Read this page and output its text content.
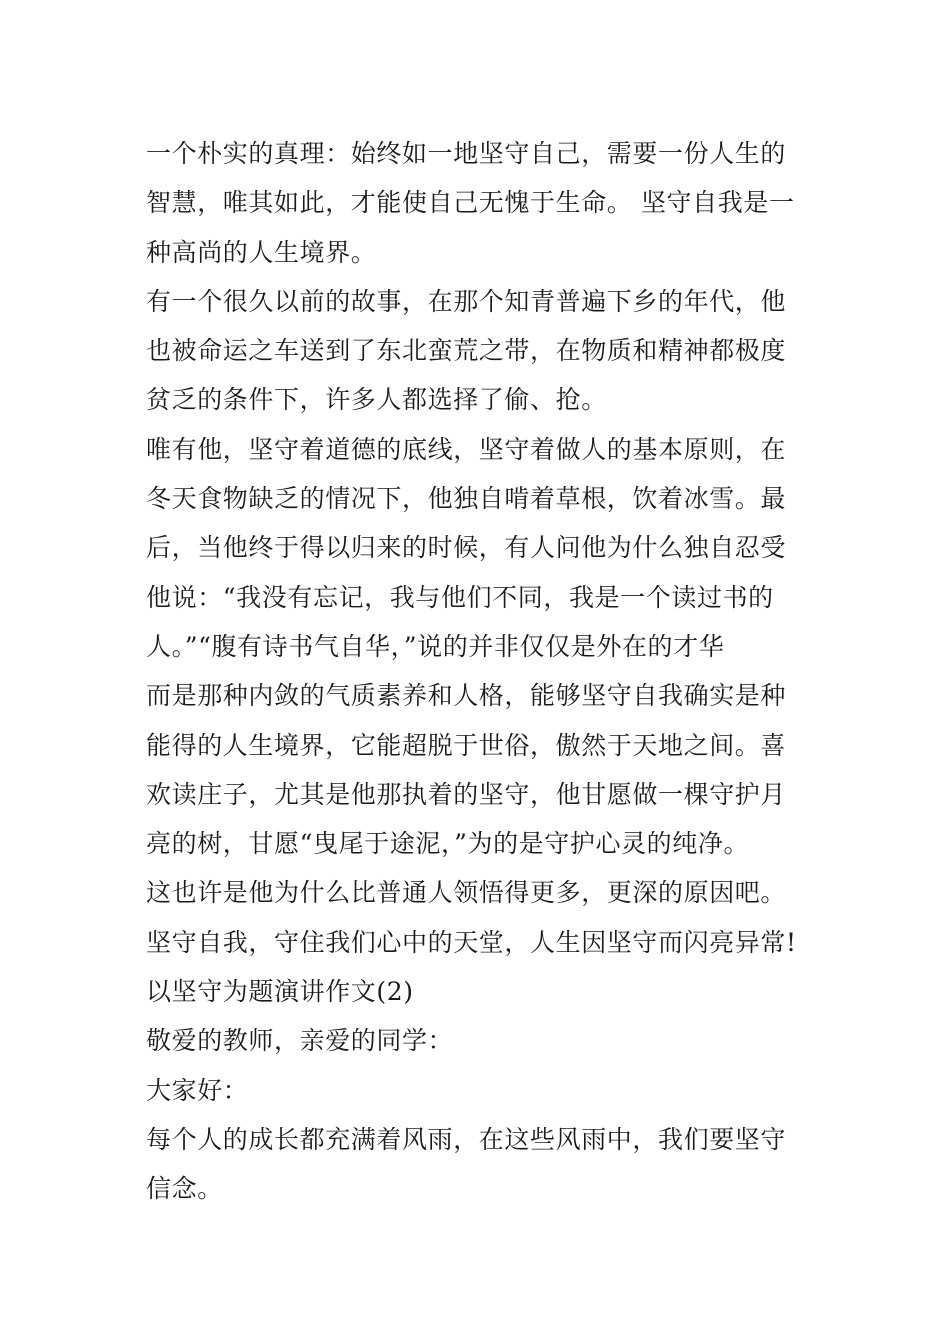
一个朴实的真理：始终如一地坚守自己，需要一份人生的
智慧，唯其如此，才能使自己无愧于生命。 坚守自我是一
种高尚的人生境界。
有一个很久以前的故事，在那个知青普遍下乡的年代，他
也被命运之车送到了东北蛮荒之带，在物质和精神都极度
贫乏的条件下，许多人都选择了偷、抢。
唯有他，坚守着道德的底线，坚守着做人的基本原则，在
冬天食物缺乏的情况下，他独自啃着草根，饮着冰雪。最
后，当他终于得以归来的时候，有人问他为什么独自忍受
他说：“我没有忘记，我与他们不同，我是一个读过书的
人。”“腹有诗书气自华，”说的并非仅仅是外在的才华
而是那种内敛的气质素养和人格，能够坚守自我确实是种
能得的人生境界，它能超脱于世俗，傲然于天地之间。喜
欢读庄子，尤其是他那执着的坚守，他甘愿做一棵守护月
亮的树，甘愿“曳尾于途泥，”为的是守护心灵的纯净。
这也许是他为什么比普通人领悟得更多，更深的原因吧。
坚守自我，守住我们心中的天堂，人生因坚守而闪亮异常!
以坚守为题演讲作文(2)
敬爱的教师，亲爱的同学：
大家好：
每个人的成长都充满着风雨，在这些风雨中，我们要坚守
信念。
